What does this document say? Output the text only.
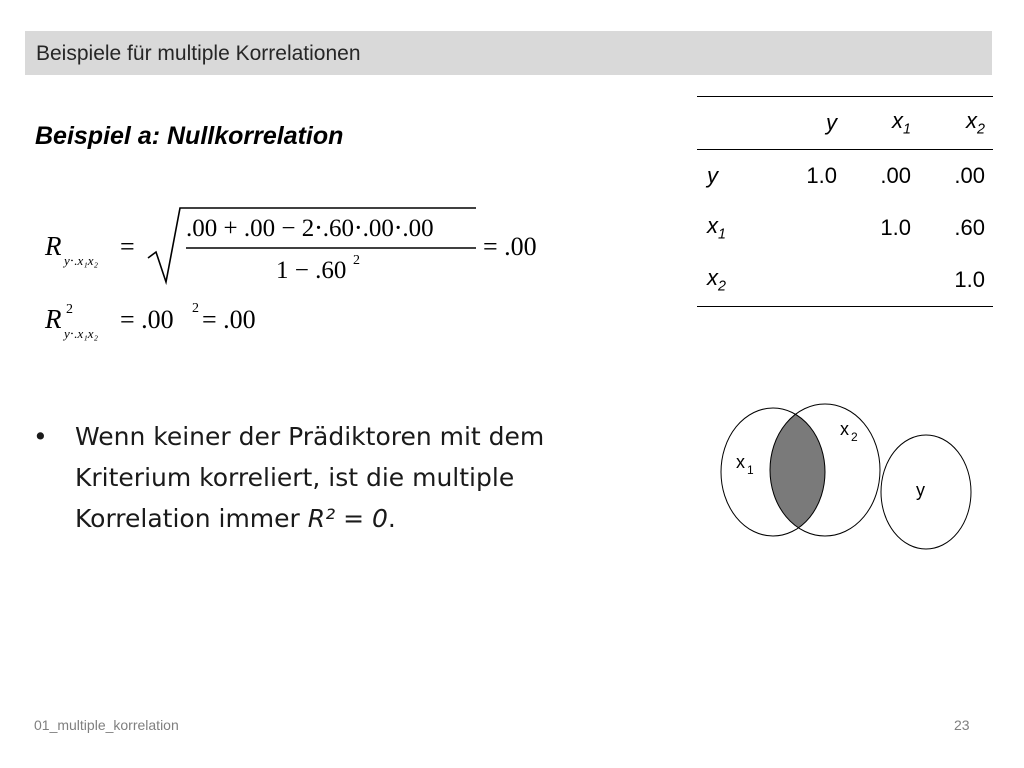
Beispiele für multiple Korrelationen
Beispiel a: Nullkorrelation
R y⋅.x₁x₂ =
.00 + .00 − 2⋅.60⋅.00⋅.00
1 − .60 2	= .00
R 2
y⋅.x₁x₂ = .00 2 = .00
	y	$x_1$	$x_2$
y	1.0	.00	.00
$x_1$		1.0	.60
$x_2$			1.0
•	Wenn keiner der Prädiktoren mit dem Kriterium korreliert, ist die multiple Korrelation immer R² = 0.
x 1
x 2
y
01_multiple_korrelation	23
